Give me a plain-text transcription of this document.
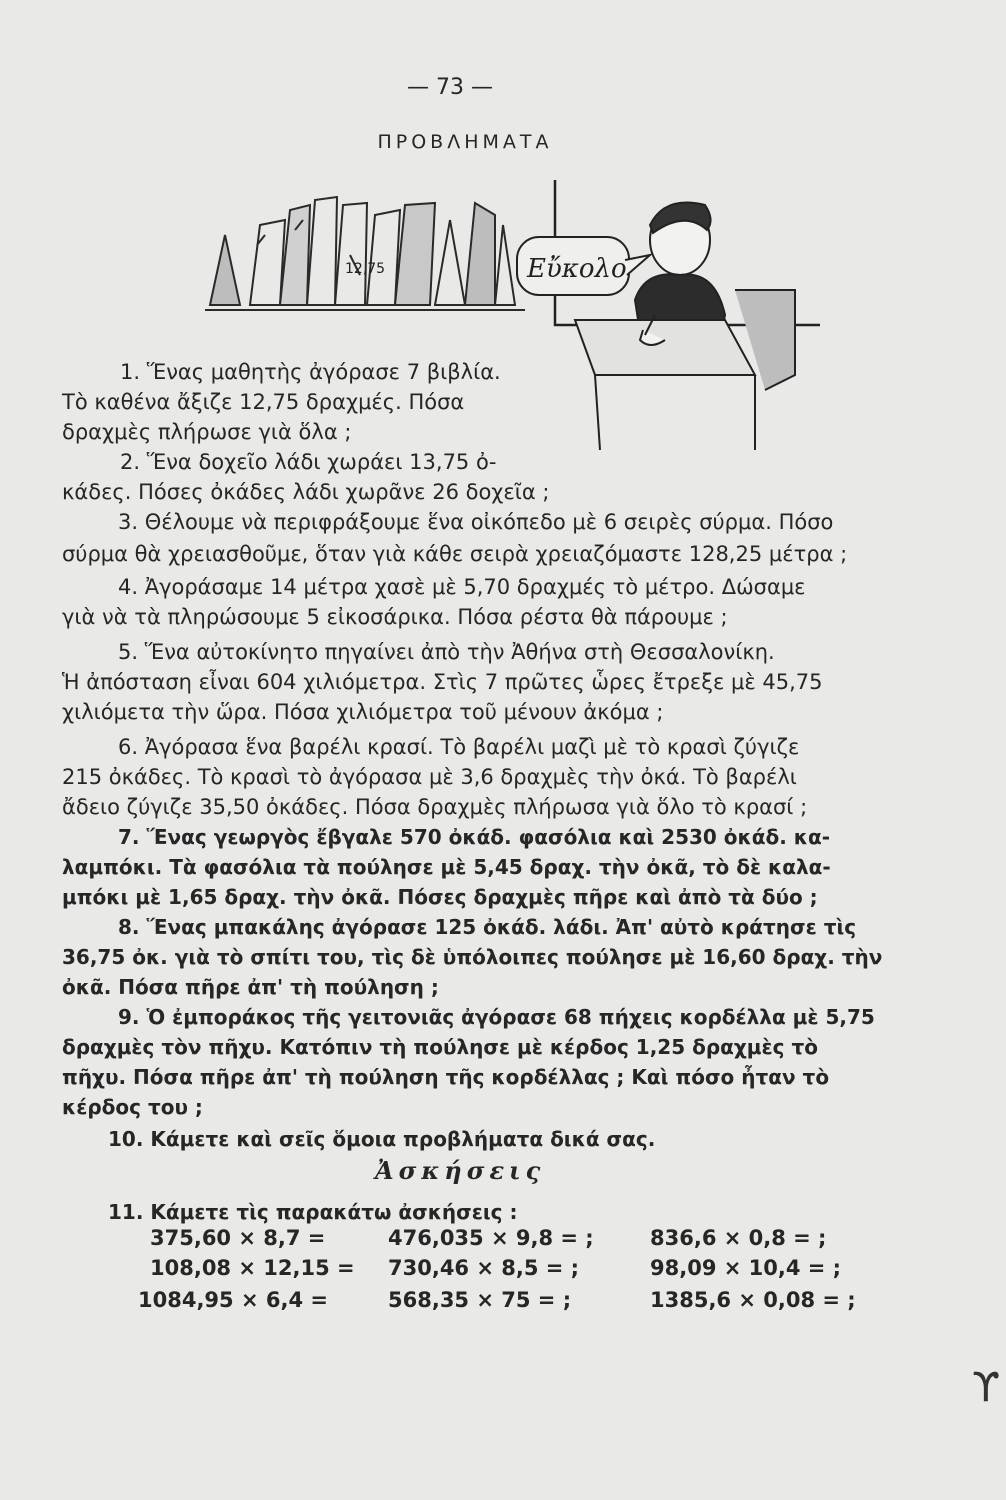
— 73 —
ΠΡΟΒΛΗΜΑΤΑ
12,75	Εὔκολο
1. Ἕνας μαθητὴς ἀγόρασε 7 βιβλία.
Τὸ καθένα ἄξιζε 12,75 δραχμές. Πόσα
δραχμὲς πλήρωσε γιὰ ὅλα ;
2. Ἕνα δοχεῖο λάδι χωράει 13,75 ὀ-
κάδες. Πόσες ὀκάδες λάδι χωρᾶνε 26 δοχεῖα ;
3. Θέλουμε νὰ περιφράξουμε ἕνα οἰκόπεδο μὲ 6 σειρὲς σύρμα. Πόσο
σύρμα θὰ χρειασθοῦμε, ὅταν γιὰ κάθε σειρὰ χρειαζόμαστε 128,25 μέτρα ;
4. Ἀγοράσαμε 14 μέτρα χασὲ μὲ 5,70 δραχμές τὸ μέτρο. Δώσαμε
γιὰ νὰ τὰ πληρώσουμε 5 εἰκοσάρικα. Πόσα ρέστα θὰ πάρουμε ;
5. Ἕνα αὐτοκίνητο πηγαίνει ἀπὸ τὴν Ἀθήνα στὴ Θεσσαλονίκη.
Ἡ ἀπόσταση εἶναι 604 χιλιόμετρα. Στὶς 7 πρῶτες ὧρες ἔτρεξε μὲ 45,75
χιλιόμετα τὴν ὥρα. Πόσα χιλιόμετρα τοῦ μένουν ἀκόμα ;
6. Ἀγόρασα ἕνα βαρέλι κρασί. Τὸ βαρέλι μαζὶ μὲ τὸ κρασὶ ζύγιζε
215 ὀκάδες. Τὸ κρασὶ τὸ ἀγόρασα μὲ 3,6 δραχμὲς τὴν ὀκά. Τὸ βαρέλι
ἄδειο ζύγιζε 35,50 ὀκάδες. Πόσα δραχμὲς πλήρωσα γιὰ ὅλο τὸ κρασί ;
7. Ἕνας γεωργὸς ἔβγαλε 570 ὀκάδ. φασόλια καὶ 2530 ὀκάδ. κα-
λαμπόκι. Τὰ φασόλια τὰ πούλησε μὲ 5,45 δραχ. τὴν ὀκᾶ, τὸ δὲ καλα-
μπόκι μὲ 1,65 δραχ. τὴν ὀκᾶ. Πόσες δραχμὲς πῆρε καὶ ἀπὸ τὰ δύο ;
8. Ἕνας μπακάλης ἀγόρασε 125 ὀκάδ. λάδι. Ἀπ' αὐτὸ κράτησε τὶς
36,75 ὀκ. γιὰ τὸ σπίτι του, τὶς δὲ ὑπόλοιπες πούλησε μὲ 16,60 δραχ. τὴν
ὀκᾶ. Πόσα πῆρε ἀπ' τὴ πούληση ;
9. Ὁ ἐμποράκος τῆς γειτονιᾶς ἀγόρασε 68 πήχεις κορδέλλα μὲ 5,75
δραχμὲς τὸν πῆχυ. Κατόπιν τὴ πούλησε μὲ κέρδος 1,25 δραχμὲς τὸ
πῆχυ. Πόσα πῆρε ἀπ' τὴ πούληση τῆς κορδέλλας ; Καὶ πόσο ἦταν τὸ
κέρδος του ;
10. Κάμετε καὶ σεῖς ὅμοια προβλήματα δικά σας.
Ἀσκήσεις
11. Κάμετε τὶς παρακάτω ἀσκήσεις :
375,60 × 8,7 =	476,035 × 9,8 = ;	836,6 × 0,8 = ;
108,08 × 12,15 = 730,46 × 8,5 = ;	98,09 × 10,4 = ;
1084,95 × 6,4 =	568,35 × 75 = ;	1385,6 × 0,08 = ;
ϒ
